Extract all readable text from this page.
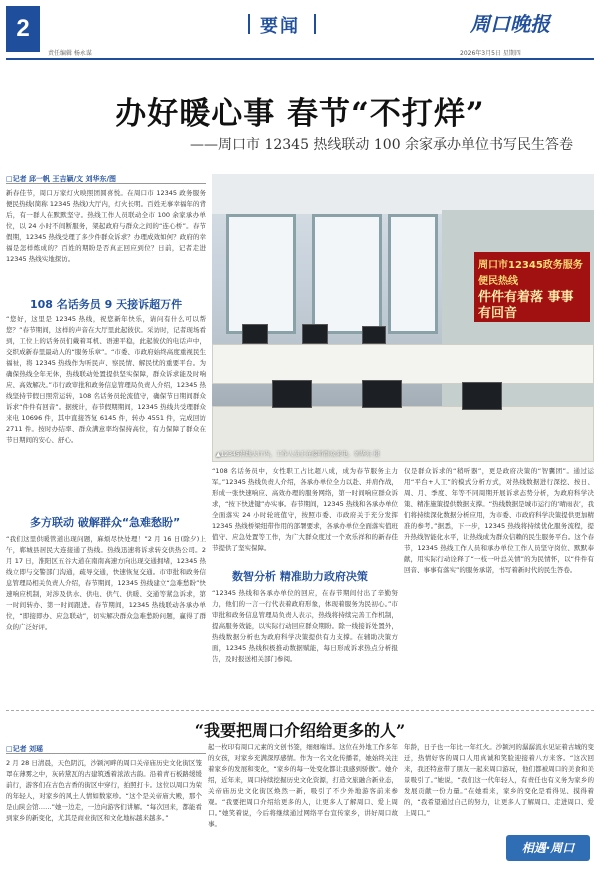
2
责任编辑 杨永谋
要闻	周口晚报
2026年3月5日 星期四
办好暖心事 春节“不打烊”
——周口市 12345 热线联动 100 余家承办单位书写民生答卷
□记者 邱一帆 王吉颖/文 刘华东/图
新春佳节，周口万家灯火映照团圆喜悦。在周口市 12345 政务服务便民热线(简称 12345 热线)大厅内，灯火长明。百姓无事幸福年的背后，有一群人在默默坚守。热线工作人员联动全市 100 余家承办单位，以 24 小时不间断服务，架起政府与群众之间的“连心桥”。春节假期，12345 热线受理了多少件群众诉求？办理成效如何？政府的幸福是怎样炼成的？百姓的期盼是否真正回应到位？日前，记者走进 12345 热线实地探访。
108 名话务员 9 天接诉超万件
“您好，这里是 12345 热线，祝您新年快乐，请问有什么可以帮您？”春节期间，这样的声音在大厅里此起彼伏。采访时，记者现场看到，工位上的话务员们戴着耳机、语速平稳，此起彼伏的电话声中，交织成新春里最动人的“服务乐章”。“市委、市政府始终高度重视民生福祉，将 12345 热线作为听民声、察民情、解民忧的重要平台。为确保热线全年无休，热线联动处置提供坚实保障，群众诉求能及时响应、高效解决。”市行政审批和政务信息管理局负责人介绍，12345 热线坚持节假日照常运转，108 名话务员轮流值守，确保节日期间群众诉求“件件有回音”。据统计，春节假期期间，12345 热线共受理群众来电 10696 件，其中直接答复 6145 件，转办 4551 件，完成回访 2711 件。按时办结率、群众满意率均保持高位，有力保障了群众在节日期间的安心、舒心。
多方联动 破解群众“急难愁盼”
“我们这里供暖管道出现问题，麻烦尽快处理！”2 月 16 日(除夕)上午，郸城县居民大连接通了热线。热线迅速将诉求转交供热公司。2 月 17 日，淮阳区五谷大道在南南高速方向出现交通拥堵，12345 热线立即与交警部门沟通，疏导交通，快速恢复交通。市审批和政务信息管理局相关负责人介绍，春节期间，12345 热线建立“急难愁盼”快速响应机制，对涉及供水、供电、供气、供暖、交通等紧急诉求，第一时间转办、第一时间跟进。春节期间，12345 热线联动各承办单位，“即接即办、应急联动”，切实解决群众急难愁盼问题，赢得了群众的广泛好评。
周口市12345政务服务便民热线
件件有着落 事事有回音
▲12345热线大厅内，工作人员正在接听群众来电。刘华东 摄
“108 名话务员中，女性职工占比超八成，成为春节服务主力军。”12345 热线负责人介绍，各承办单位全力以赴、并肩作战，形成一张快速响应、高效办理的服务网络，第一时间响应群众诉求，“按下快进键”办实事。春节期间，12345 热线和各承办单位全面落实 24 小时轮班值守，按照市委、市政府关于充分发挥 12345 热线桥梁纽带作用的部署要求，各承办单位全面落实值班值守、应急处置等工作，为广大群众度过一个欢乐祥和的新春佳节提供了坚实保障。
数智分析 精准助力政府决策
“12345 热线和各承办单位的回应，在春节期间付出了辛勤努力，他们的一言一行代表着政府形象，体现着服务为民初心。”市审批和政务信息管理局负责人表示，热线将持续完善工作机制，提高服务效能，以实际行动回应群众期盼。除一线接诉处置外，热线数据分析也为政府科学决策提供有力支撑。在辅助决策方面，12345 热线积极推动数据赋能，每日形成诉求热点分析报告，及时报送相关部门参阅。
仅是群众诉求的“稍听器”，更是政府决策的“智囊团”。通过运用“平台+人工”的模式分析方式，对热线数据进行深挖、按日、周、月、季度、年等不同周期开展诉求态势分析，为政府科学决策、精准施策提供数据支撑。“热线数据是城市运行的‘晴雨表’，我们将持续深化数据分析应用，为市委、市政府科学决策提供更加精准的参考。”据悉，下一步，12345 热线将持续优化服务流程，提升热线智能化水平，让热线成为群众信赖的民生服务平台。这个春节，12345 热线工作人员和承办单位工作人员坚守岗位、默默奉献，用实际行动诠释了“一枝一叶总关情”的为民情怀，以“件件有回音、事事有落实”的服务承诺，书写着新时代的民生答卷。
“我要把周口介绍给更多的人”
□记者 刘瑶
2 月 28 日清晨，天色阴沉，沙颍河畔的周口关帝庙历史文化街区笼罩在薄雾之中，灰砖黛瓦的古建筑透着浓浓古韵。沿着青石板路缓缓前行，游客们在古色古香的街区中穿行，拍照打卡。这位以周口为荣的年轻人，对家乡的风土人情如数家珍。“这个是关帝庙大殿，那个是山陕会馆……”她一边走，一边向游客们讲解。“每次回来，都能看到家乡的新变化，尤其是商业街区和文化地标越来越多。”
起一枚印有周口元素的文创书签，细细端详。这位在外地工作多年的女孩，对家乡充满深厚感情。作为一名文化传播者，她始终关注着家乡的发展和变化，“家乡的每一处变化都让我感到骄傲”。她介绍，近年来，周口持续挖掘历史文化资源，打造文旅融合新业态，关帝庙历史文化街区焕然一新，吸引了不少外地游客前来参观。“我要把周口介绍给更多的人，让更多人了解周口、爱上周口。”她笑着说，今后将继续通过网络平台宣传家乡，讲好周口故事。
年龄，日子也一年比一年红火。沙颍河的潺潺流水见证着古城的变迁，热情好客的周口人用真诚和笑脸迎接着八方来客。“这次回来，我还特意带了朋友一起来周口游玩，他们都被周口的美食和美景吸引了。”她说，“我们这一代年轻人，有责任也有义务为家乡的发展贡献一份力量。”在她看来，家乡的变化是看得见、摸得着的，“我希望通过自己的努力，让更多人了解周口、走进周口、爱上周口。”
相遇·周口
